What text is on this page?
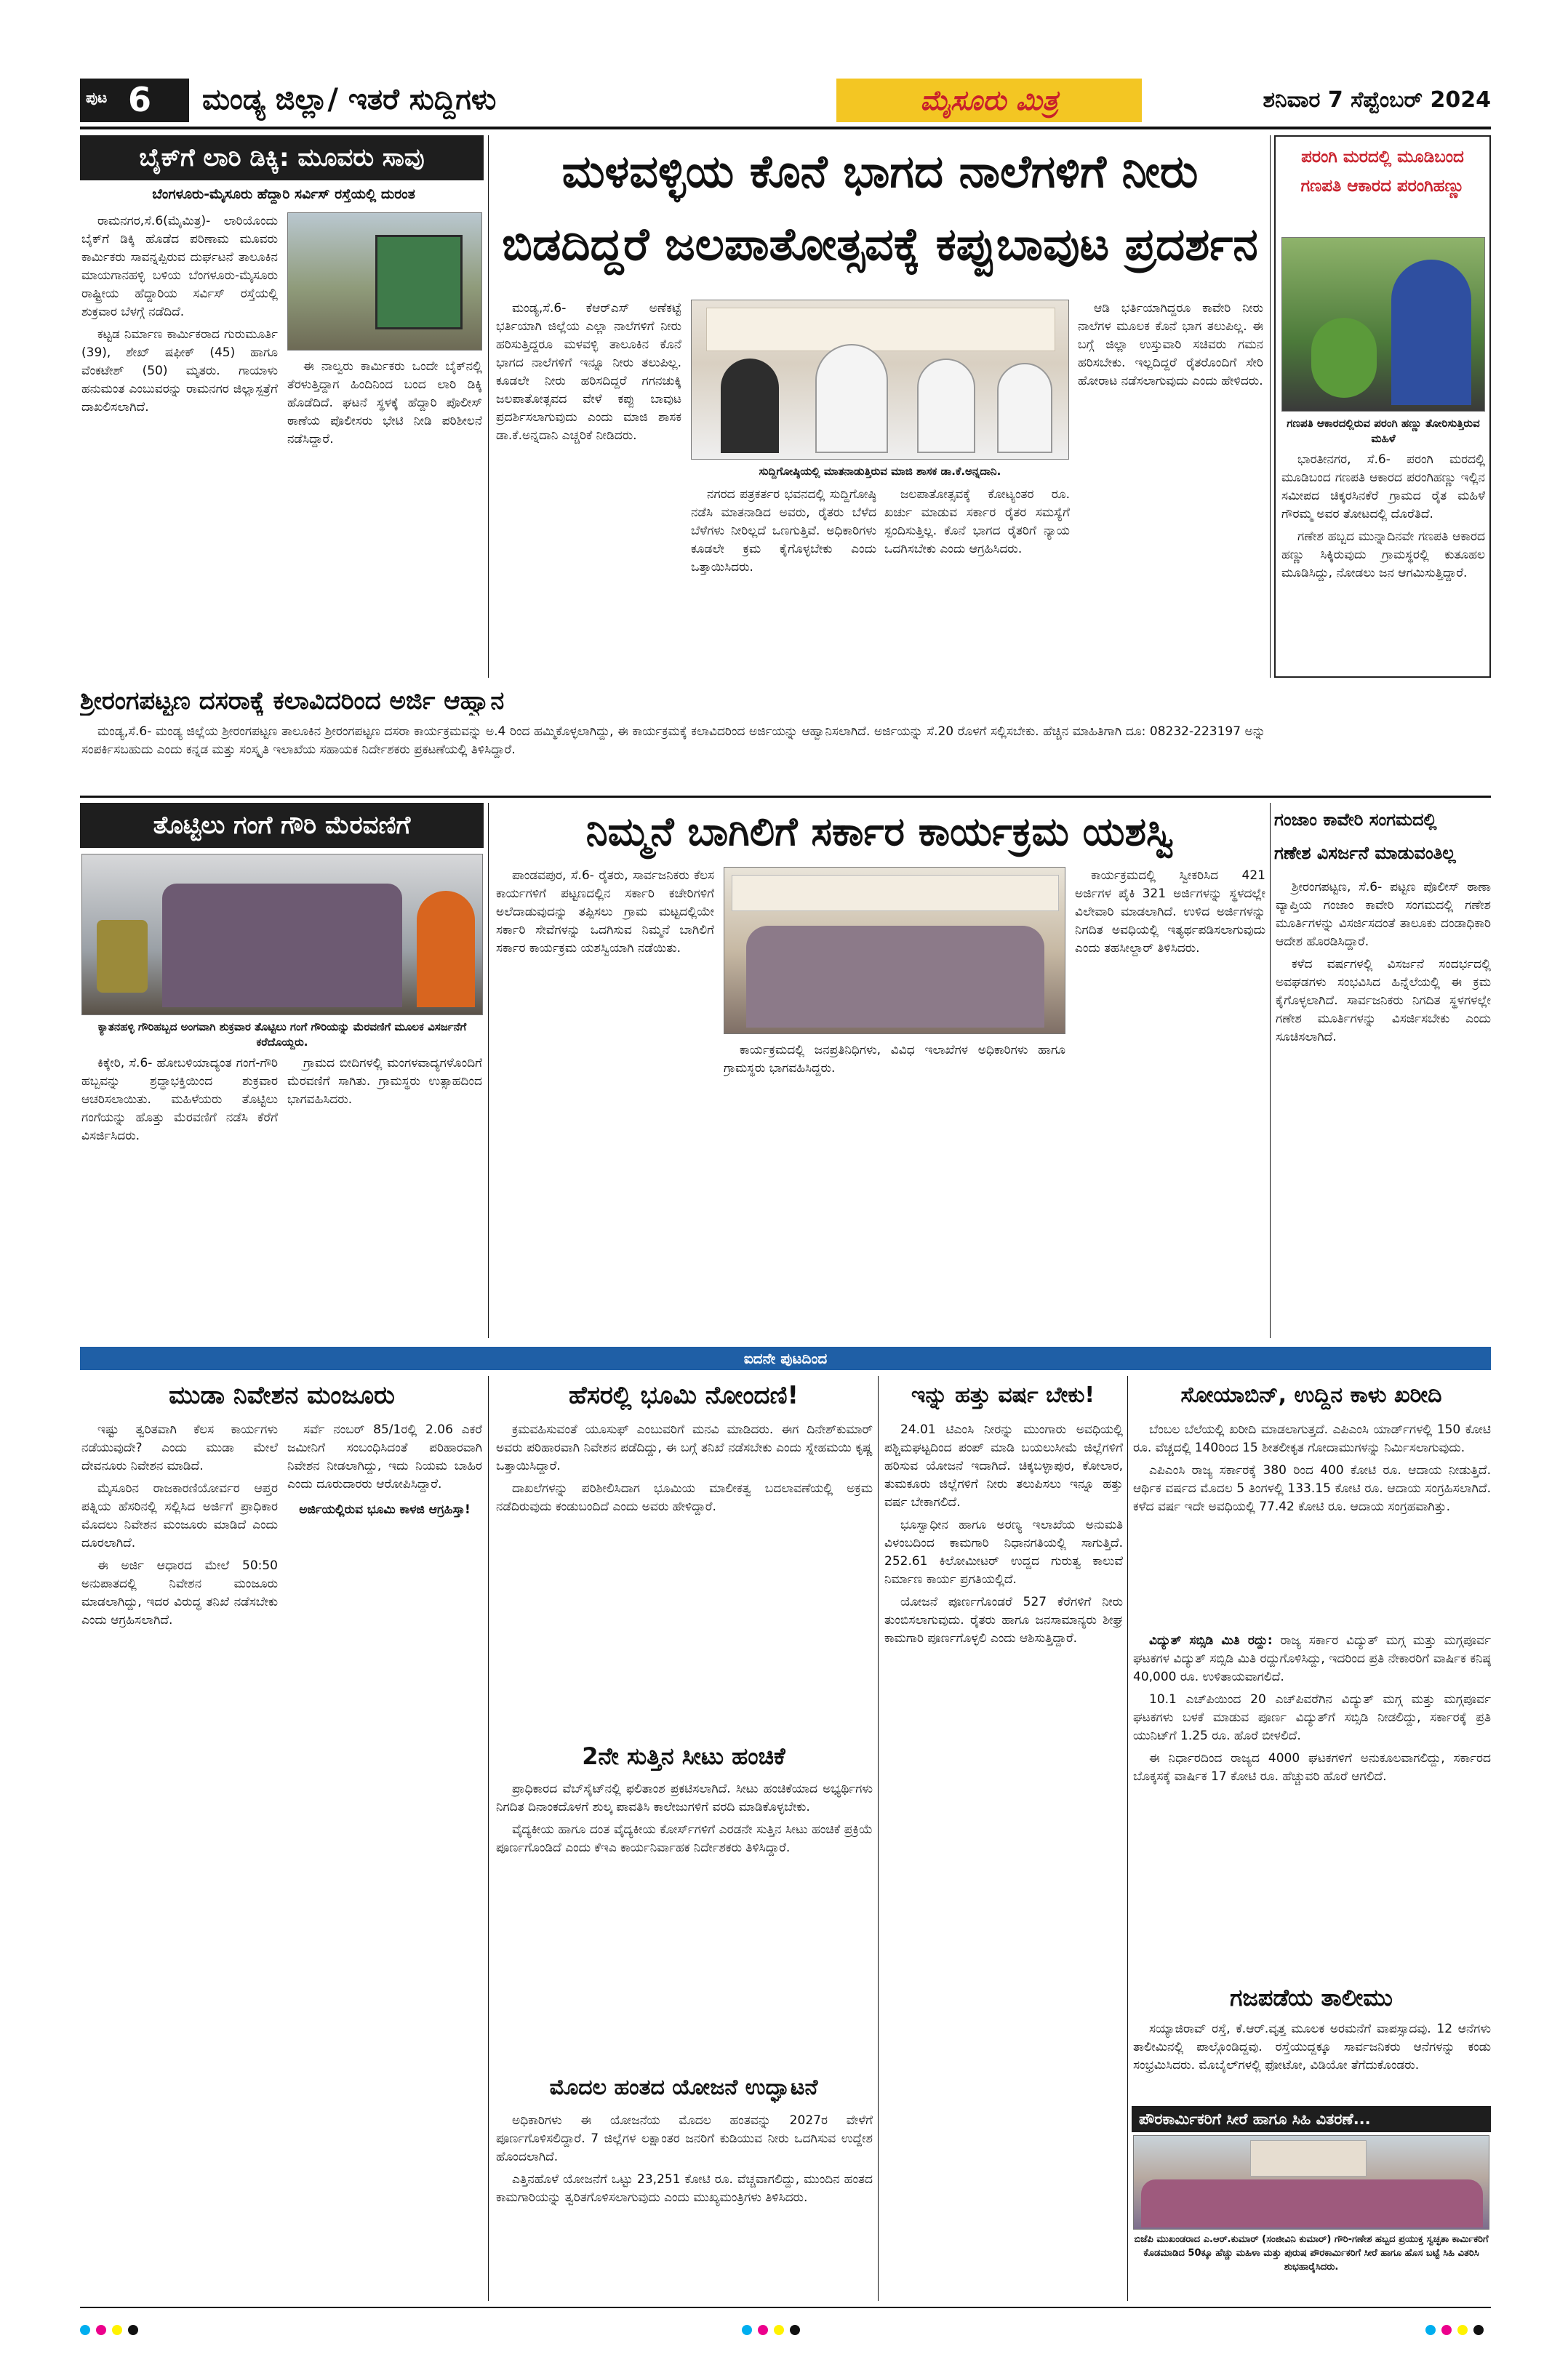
ಪುಟ 6 ಮಂಡ್ಯ ಜಿಲ್ಲಾ/ ಇತರೆ ಸುದ್ದಿಗಳು	ಮೈಸೂರು ಮಿತ್ರ	ಶನಿವಾರ 7 ಸೆಪ್ಟೆಂಬರ್ 2024
ಬೈಕ್‌ಗೆ ಲಾರಿ ಡಿಕ್ಕಿ: ಮೂವರು ಸಾವು
ಬೆಂಗಳೂರು-ಮೈಸೂರು ಹೆದ್ದಾರಿ ಸರ್ವಿಸ್ ರಸ್ತೆಯಲ್ಲಿ ದುರಂತ

ರಾಮನಗರ,ಸೆ.6(ಮೈಮಿತ್ರ)- ಲಾರಿಯೊಂದು ಬೈಕ್‌ಗೆ ಡಿಕ್ಕಿ ಹೊಡೆದ ಪರಿಣಾಮ ಮೂವರು ಕಾರ್ಮಿಕರು ಸಾವನ್ನಪ್ಪಿರುವ ದುರ್ಘಟನೆ ತಾಲೂಕಿನ ಮಾಯಗಾನಹಳ್ಳಿ ಬಳಿಯ ಬೆಂಗಳೂರು-ಮೈಸೂರು ರಾಷ್ಟ್ರೀಯ ಹೆದ್ದಾರಿಯ ಸರ್ವಿಸ್ ರಸ್ತೆಯಲ್ಲಿ ಶುಕ್ರವಾರ ಬೆಳಗ್ಗೆ ನಡೆದಿದೆ.

ಕಟ್ಟಡ ನಿರ್ಮಾಣ ಕಾರ್ಮಿಕರಾದ ಗುರುಮೂರ್ತಿ (39), ಶೇಖ್ ಷಫೀಕ್ (45) ಹಾಗೂ ವೆಂಕಟೇಶ್ (50) ಮೃತರು. ಗಾಯಾಳು ಹನುಮಂತ ಎಂಬುವರನ್ನು ರಾಮನಗರ ಜಿಲ್ಲಾಸ್ಪತ್ರೆಗೆ ದಾಖಲಿಸಲಾಗಿದೆ.

ಈ ನಾಲ್ವರು ಕಾರ್ಮಿಕರು ಒಂದೇ ಬೈಕ್‌ನಲ್ಲಿ ತೆರಳುತ್ತಿದ್ದಾಗ ಹಿಂದಿನಿಂದ ಬಂದ ಲಾರಿ ಡಿಕ್ಕಿ ಹೊಡೆದಿದೆ. ಘಟನೆ ಸ್ಥಳಕ್ಕೆ ಹೆದ್ದಾರಿ ಪೊಲೀಸ್ ಠಾಣೆಯ ಪೊಲೀಸರು ಭೇಟಿ ನೀಡಿ ಪರಿಶೀಲನೆ ನಡೆಸಿದ್ದಾರೆ.

ಮಳವಳ್ಳಿಯ ಕೊನೆ ಭಾಗದ ನಾಲೆಗಳಿಗೆ ನೀರು
ಬಿಡದಿದ್ದರೆ ಜಲಪಾತೋತ್ಸವಕ್ಕೆ ಕಪ್ಪುಬಾವುಟ ಪ್ರದರ್ಶನ

ಮಂಡ್ಯ,ಸೆ.6- ಕೆಆರ್‌ಎಸ್ ಅಣೆಕಟ್ಟೆ ಭರ್ತಿಯಾಗಿ ಜಿಲ್ಲೆಯ ಎಲ್ಲಾ ನಾಲೆಗಳಿಗೆ ನೀರು ಹರಿಸುತ್ತಿದ್ದರೂ ಮಳವಳ್ಳಿ ತಾಲೂಕಿನ ಕೊನೆ ಭಾಗದ ನಾಲೆಗಳಿಗೆ ಇನ್ನೂ ನೀರು ತಲುಪಿಲ್ಲ. ಕೂಡಲೇ ನೀರು ಹರಿಸದಿದ್ದರೆ ಗಗನಚುಕ್ಕಿ ಜಲಪಾತೋತ್ಸವದ ವೇಳೆ ಕಪ್ಪು ಬಾವುಟ ಪ್ರದರ್ಶಿಸಲಾಗುವುದು ಎಂದು ಮಾಜಿ ಶಾಸಕ ಡಾ.ಕೆ.ಅನ್ನದಾನಿ ಎಚ್ಚರಿಕೆ ನೀಡಿದರು.

ಸುದ್ದಿಗೋಷ್ಠಿಯಲ್ಲಿ ಮಾತನಾಡುತ್ತಿರುವ ಮಾಜಿ ಶಾಸಕ ಡಾ.ಕೆ.ಅನ್ನದಾನಿ.

ನಗರದ ಪತ್ರಕರ್ತರ ಭವನದಲ್ಲಿ ಸುದ್ದಿಗೋಷ್ಠಿ ನಡೆಸಿ ಮಾತನಾಡಿದ ಅವರು, ರೈತರು ಬೆಳೆದ ಬೆಳೆಗಳು ನೀರಿಲ್ಲದೆ ಒಣಗುತ್ತಿವೆ. ಅಧಿಕಾರಿಗಳು ಕೂಡಲೇ ಕ್ರಮ ಕೈಗೊಳ್ಳಬೇಕು ಎಂದು ಒತ್ತಾಯಿಸಿದರು.

ಜಲಪಾತೋತ್ಸವಕ್ಕೆ ಕೋಟ್ಯಂತರ ರೂ. ಖರ್ಚು ಮಾಡುವ ಸರ್ಕಾರ ರೈತರ ಸಮಸ್ಯೆಗೆ ಸ್ಪಂದಿಸುತ್ತಿಲ್ಲ. ಕೊನೆ ಭಾಗದ ರೈತರಿಗೆ ನ್ಯಾಯ ಒದಗಿಸಬೇಕು ಎಂದು ಆಗ್ರಹಿಸಿದರು.

ಆಡಿ ಭರ್ತಿಯಾಗಿದ್ದರೂ ಕಾವೇರಿ ನೀರು ನಾಲೆಗಳ ಮೂಲಕ ಕೊನೆ ಭಾಗ ತಲುಪಿಲ್ಲ. ಈ ಬಗ್ಗೆ ಜಿಲ್ಲಾ ಉಸ್ತುವಾರಿ ಸಚಿವರು ಗಮನ ಹರಿಸಬೇಕು. ಇಲ್ಲದಿದ್ದರೆ ರೈತರೊಂದಿಗೆ ಸೇರಿ ಹೋರಾಟ ನಡೆಸಲಾಗುವುದು ಎಂದು ಹೇಳಿದರು.

ಪರಂಗಿ ಮರದಲ್ಲಿ ಮೂಡಿಬಂದ ಗಣಪತಿ ಆಕಾರದ ಪರಂಗಿಹಣ್ಣು
ಗಣಪತಿ ಆಕಾರದಲ್ಲಿರುವ ಪರಂಗಿ ಹಣ್ಣು ತೋರಿಸುತ್ತಿರುವ ಮಹಿಳೆ

ಭಾರತೀನಗರ, ಸೆ.6- ಪರಂಗಿ ಮರದಲ್ಲಿ ಮೂಡಿಬಂದ ಗಣಪತಿ ಆಕಾರದ ಪರಂಗಿಹಣ್ಣು ಇಲ್ಲಿನ ಸಮೀಪದ ಚಿಕ್ಕರಸಿನಕೆರೆ ಗ್ರಾಮದ ರೈತ ಮಹಿಳೆ ಗೌರಮ್ಮ ಅವರ ತೋಟದಲ್ಲಿ ದೊರೆತಿದೆ.

ಗಣೇಶ ಹಬ್ಬದ ಮುನ್ನಾದಿನವೇ ಗಣಪತಿ ಆಕಾರದ ಹಣ್ಣು ಸಿಕ್ಕಿರುವುದು ಗ್ರಾಮಸ್ಥರಲ್ಲಿ ಕುತೂಹಲ ಮೂಡಿಸಿದ್ದು, ನೋಡಲು ಜನ ಆಗಮಿಸುತ್ತಿದ್ದಾರೆ.

ಶ್ರೀರಂಗಪಟ್ಟಣ ದಸರಾಕ್ಕೆ ಕಲಾವಿದರಿಂದ ಅರ್ಜಿ ಆಹ್ವಾನ

ಮಂಡ್ಯ,ಸೆ.6- ಮಂಡ್ಯ ಜಿಲ್ಲೆಯ ಶ್ರೀರಂಗಪಟ್ಟಣ ತಾಲೂಕಿನ ಶ್ರೀರಂಗಪಟ್ಟಣ ದಸರಾ ಕಾರ್ಯಕ್ರಮವನ್ನು ಅ.4 ರಿಂದ ಹಮ್ಮಿಕೊಳ್ಳಲಾಗಿದ್ದು, ಈ ಕಾರ್ಯಕ್ರಮಕ್ಕೆ ಕಲಾವಿದರಿಂದ ಅರ್ಜಿಯನ್ನು ಆಹ್ವಾನಿಸಲಾಗಿದೆ. ಅರ್ಜಿಯನ್ನು ಸೆ.20 ರೊಳಗೆ ಸಲ್ಲಿಸಬೇಕು. ಹೆಚ್ಚಿನ ಮಾಹಿತಿಗಾಗಿ ದೂ: 08232-223197 ಅನ್ನು ಸಂಪರ್ಕಿಸಬಹುದು ಎಂದು ಕನ್ನಡ ಮತ್ತು ಸಂಸ್ಕೃತಿ ಇಲಾಖೆಯ ಸಹಾಯಕ ನಿರ್ದೇಶಕರು ಪ್ರಕಟಣೆಯಲ್ಲಿ ತಿಳಿಸಿದ್ದಾರೆ.

ತೊಟ್ಟಿಲು ಗಂಗೆ ಗೌರಿ ಮೆರವಣಿಗೆ
ಕ್ಯಾತನಹಳ್ಳಿ ಗೌರಿಹಬ್ಬದ ಅಂಗವಾಗಿ ಶುಕ್ರವಾರ ತೊಟ್ಟಿಲು ಗಂಗೆ ಗೌರಿಯನ್ನು ಮೆರವಣಿಗೆ ಮೂಲಕ ವಿಸರ್ಜನೆಗೆ ಕರೆದೊಯ್ದರು.

ಕಿಕ್ಕೇರಿ, ಸೆ.6- ಹೋಬಳಿಯಾದ್ಯಂತ ಗಂಗೆ-ಗೌರಿ ಹಬ್ಬವನ್ನು ಶ್ರದ್ಧಾಭಕ್ತಿಯಿಂದ ಶುಕ್ರವಾರ ಆಚರಿಸಲಾಯಿತು. ಮಹಿಳೆಯರು ತೊಟ್ಟಿಲು ಗಂಗೆಯನ್ನು ಹೊತ್ತು ಮೆರವಣಿಗೆ ನಡೆಸಿ ಕೆರೆಗೆ ವಿಸರ್ಜಿಸಿದರು.

ಗ್ರಾಮದ ಬೀದಿಗಳಲ್ಲಿ ಮಂಗಳವಾದ್ಯಗಳೊಂದಿಗೆ ಮೆರವಣಿಗೆ ಸಾಗಿತು. ಗ್ರಾಮಸ್ಥರು ಉತ್ಸಾಹದಿಂದ ಭಾಗವಹಿಸಿದರು.

ನಿಮ್ಮನೆ ಬಾಗಿಲಿಗೆ ಸರ್ಕಾರ ಕಾರ್ಯಕ್ರಮ ಯಶಸ್ವಿ

ಪಾಂಡವಪುರ, ಸೆ.6- ರೈತರು, ಸಾರ್ವಜನಿಕರು ಕೆಲಸ ಕಾರ್ಯಗಳಿಗೆ ಪಟ್ಟಣದಲ್ಲಿನ ಸರ್ಕಾರಿ ಕಚೇರಿಗಳಿಗೆ ಅಲೆದಾಡುವುದನ್ನು ತಪ್ಪಿಸಲು ಗ್ರಾಮ ಮಟ್ಟದಲ್ಲಿಯೇ ಸರ್ಕಾರಿ ಸೇವೆಗಳನ್ನು ಒದಗಿಸುವ ನಿಮ್ಮನೆ ಬಾಗಿಲಿಗೆ ಸರ್ಕಾರ ಕಾರ್ಯಕ್ರಮ ಯಶಸ್ವಿಯಾಗಿ ನಡೆಯಿತು.

ಕಾರ್ಯಕ್ರಮದಲ್ಲಿ ಜನಪ್ರತಿನಿಧಿಗಳು, ವಿವಿಧ ಇಲಾಖೆಗಳ ಅಧಿಕಾರಿಗಳು ಹಾಗೂ ಗ್ರಾಮಸ್ಥರು ಭಾಗವಹಿಸಿದ್ದರು.

ಕಾರ್ಯಕ್ರಮದಲ್ಲಿ ಸ್ವೀಕರಿಸಿದ 421 ಅರ್ಜಿಗಳ ಪೈಕಿ 321 ಅರ್ಜಿಗಳನ್ನು ಸ್ಥಳದಲ್ಲೇ ವಿಲೇವಾರಿ ಮಾಡಲಾಗಿದೆ. ಉಳಿದ ಅರ್ಜಿಗಳನ್ನು ನಿಗದಿತ ಅವಧಿಯಲ್ಲಿ ಇತ್ಯರ್ಥಪಡಿಸಲಾಗುವುದು ಎಂದು ತಹಸೀಲ್ದಾರ್ ತಿಳಿಸಿದರು.

ಗಂಜಾಂ ಕಾವೇರಿ ಸಂಗಮದಲ್ಲಿ
ಗಣೇಶ ವಿಸರ್ಜನೆ ಮಾಡುವಂತಿಲ್ಲ

ಶ್ರೀರಂಗಪಟ್ಟಣ, ಸೆ.6- ಪಟ್ಟಣ ಪೊಲೀಸ್ ಠಾಣಾ ವ್ಯಾಪ್ತಿಯ ಗಂಜಾಂ ಕಾವೇರಿ ಸಂಗಮದಲ್ಲಿ ಗಣೇಶ ಮೂರ್ತಿಗಳನ್ನು ವಿಸರ್ಜಿಸದಂತೆ ತಾಲೂಕು ದಂಡಾಧಿಕಾರಿ ಆದೇಶ ಹೊರಡಿಸಿದ್ದಾರೆ.

ಕಳೆದ ವರ್ಷಗಳಲ್ಲಿ ವಿಸರ್ಜನೆ ಸಂದರ್ಭದಲ್ಲಿ ಅವಘಡಗಳು ಸಂಭವಿಸಿದ ಹಿನ್ನೆಲೆಯಲ್ಲಿ ಈ ಕ್ರಮ ಕೈಗೊಳ್ಳಲಾಗಿದೆ. ಸಾರ್ವಜನಿಕರು ನಿಗದಿತ ಸ್ಥಳಗಳಲ್ಲೇ ಗಣೇಶ ಮೂರ್ತಿಗಳನ್ನು ವಿಸರ್ಜಿಸಬೇಕು ಎಂದು ಸೂಚಿಸಲಾಗಿದೆ.

ಐದನೇ ಪುಟದಿಂದ
ಮುಡಾ ನಿವೇಶನ ಮಂಜೂರು

ಇಷ್ಟು ತ್ವರಿತವಾಗಿ ಕೆಲಸ ಕಾರ್ಯಗಳು ನಡೆಯುವುದೇ? ಎಂದು ಮುಡಾ ಮೇಲೆ ದೇವನೂರು ನಿವೇಶನ ಮಾಡಿದೆ.

ಮೈಸೂರಿನ ರಾಜಕಾರಣಿಯೋರ್ವರ ಆಪ್ತರ ಪತ್ನಿಯ ಹೆಸರಿನಲ್ಲಿ ಸಲ್ಲಿಸಿದ ಅರ್ಜಿಗೆ ಪ್ರಾಧಿಕಾರ ಮೊದಲು ನಿವೇಶನ ಮಂಜೂರು ಮಾಡಿದೆ ಎಂದು ದೂರಲಾಗಿದೆ.

ಈ ಅರ್ಜಿ ಆಧಾರದ ಮೇಲೆ 50:50 ಅನುಪಾತದಲ್ಲಿ ನಿವೇಶನ ಮಂಜೂರು ಮಾಡಲಾಗಿದ್ದು, ಇದರ ವಿರುದ್ಧ ತನಿಖೆ ನಡೆಸಬೇಕು ಎಂದು ಆಗ್ರಹಿಸಲಾಗಿದೆ.

ಸರ್ವೆ ನಂಬರ್ 85/1ರಲ್ಲಿ 2.06 ಎಕರೆ ಜಮೀನಿಗೆ ಸಂಬಂಧಿಸಿದಂತೆ ಪರಿಹಾರವಾಗಿ ನಿವೇಶನ ನೀಡಲಾಗಿದ್ದು, ಇದು ನಿಯಮ ಬಾಹಿರ ಎಂದು ದೂರುದಾರರು ಆರೋಪಿಸಿದ್ದಾರೆ.

ಅರ್ಜಿಯಲ್ಲಿರುವ ಭೂಮಿ ಕಾಳಜಿ ಆಗ್ರಹಿಸ್ತಾ!
ಹೆಸರಲ್ಲಿ ಭೂಮಿ ನೋಂದಣಿ!

ಕ್ರಮವಹಿಸುವಂತೆ ಯೂಸುಫ್ ಎಂಬುವರಿಗೆ ಮನವಿ ಮಾಡಿದರು. ಈಗ ದಿನೇಶ್‌ಕುಮಾರ್ ಅವರು ಪರಿಹಾರವಾಗಿ ನಿವೇಶನ ಪಡೆದಿದ್ದು, ಈ ಬಗ್ಗೆ ತನಿಖೆ ನಡೆಸಬೇಕು ಎಂದು ಸ್ನೇಹಮಯಿ ಕೃಷ್ಣ ಒತ್ತಾಯಿಸಿದ್ದಾರೆ.

ದಾಖಲೆಗಳನ್ನು ಪರಿಶೀಲಿಸಿದಾಗ ಭೂಮಿಯ ಮಾಲೀಕತ್ವ ಬದಲಾವಣೆಯಲ್ಲಿ ಅಕ್ರಮ ನಡೆದಿರುವುದು ಕಂಡುಬಂದಿದೆ ಎಂದು ಅವರು ಹೇಳಿದ್ದಾರೆ.

2ನೇ ಸುತ್ತಿನ ಸೀಟು ಹಂಚಿಕೆ

ಪ್ರಾಧಿಕಾರದ ವೆಬ್‌ಸೈಟ್‌ನಲ್ಲಿ ಫಲಿತಾಂಶ ಪ್ರಕಟಿಸಲಾಗಿದೆ. ಸೀಟು ಹಂಚಿಕೆಯಾದ ಅಭ್ಯರ್ಥಿಗಳು ನಿಗದಿತ ದಿನಾಂಕದೊಳಗೆ ಶುಲ್ಕ ಪಾವತಿಸಿ ಕಾಲೇಜುಗಳಿಗೆ ವರದಿ ಮಾಡಿಕೊಳ್ಳಬೇಕು.

ವೈದ್ಯಕೀಯ ಹಾಗೂ ದಂತ ವೈದ್ಯಕೀಯ ಕೋರ್ಸ್‌ಗಳಿಗೆ ಎರಡನೇ ಸುತ್ತಿನ ಸೀಟು ಹಂಚಿಕೆ ಪ್ರಕ್ರಿಯೆ ಪೂರ್ಣಗೊಂಡಿದೆ ಎಂದು ಕೆಇಎ ಕಾರ್ಯನಿರ್ವಾಹಕ ನಿರ್ದೇಶಕರು ತಿಳಿಸಿದ್ದಾರೆ.

ಮೊದಲ ಹಂತದ ಯೋಜನೆ ಉದ್ಘಾಟನೆ

ಅಧಿಕಾರಿಗಳು ಈ ಯೋಜನೆಯ ಮೊದಲ ಹಂತವನ್ನು 2027ರ ವೇಳೆಗೆ ಪೂರ್ಣಗೊಳಿಸಲಿದ್ದಾರೆ. 7 ಜಿಲ್ಲೆಗಳ ಲಕ್ಷಾಂತರ ಜನರಿಗೆ ಕುಡಿಯುವ ನೀರು ಒದಗಿಸುವ ಉದ್ದೇಶ ಹೊಂದಲಾಗಿದೆ.

ಎತ್ತಿನಹೊಳೆ ಯೋಜನೆಗೆ ಒಟ್ಟು 23,251 ಕೋಟಿ ರೂ. ವೆಚ್ಚವಾಗಲಿದ್ದು, ಮುಂದಿನ ಹಂತದ ಕಾಮಗಾರಿಯನ್ನು ತ್ವರಿತಗೊಳಿಸಲಾಗುವುದು ಎಂದು ಮುಖ್ಯಮಂತ್ರಿಗಳು ತಿಳಿಸಿದರು.

ಇನ್ನು ಹತ್ತು ವರ್ಷ ಬೇಕು!

24.01 ಟಿಎಂಸಿ ನೀರನ್ನು ಮುಂಗಾರು ಅವಧಿಯಲ್ಲಿ ಪಶ್ಚಿಮಘಟ್ಟದಿಂದ ಪಂಪ್ ಮಾಡಿ ಬಯಲುಸೀಮೆ ಜಿಲ್ಲೆಗಳಿಗೆ ಹರಿಸುವ ಯೋಜನೆ ಇದಾಗಿದೆ. ಚಿಕ್ಕಬಳ್ಳಾಪುರ, ಕೋಲಾರ, ತುಮಕೂರು ಜಿಲ್ಲೆಗಳಿಗೆ ನೀರು ತಲುಪಿಸಲು ಇನ್ನೂ ಹತ್ತು ವರ್ಷ ಬೇಕಾಗಲಿದೆ.

ಭೂಸ್ವಾಧೀನ ಹಾಗೂ ಅರಣ್ಯ ಇಲಾಖೆಯ ಅನುಮತಿ ವಿಳಂಬದಿಂದ ಕಾಮಗಾರಿ ನಿಧಾನಗತಿಯಲ್ಲಿ ಸಾಗುತ್ತಿದೆ. 252.61 ಕಿಲೋಮೀಟರ್ ಉದ್ದದ ಗುರುತ್ವ ಕಾಲುವೆ ನಿರ್ಮಾಣ ಕಾರ್ಯ ಪ್ರಗತಿಯಲ್ಲಿದೆ.

ಯೋಜನೆ ಪೂರ್ಣಗೊಂಡರೆ 527 ಕೆರೆಗಳಿಗೆ ನೀರು ತುಂಬಿಸಲಾಗುವುದು. ರೈತರು ಹಾಗೂ ಜನಸಾಮಾನ್ಯರು ಶೀಘ್ರ ಕಾಮಗಾರಿ ಪೂರ್ಣಗೊಳ್ಳಲಿ ಎಂದು ಆಶಿಸುತ್ತಿದ್ದಾರೆ.

ಸೋಯಾಬಿನ್, ಉದ್ದಿನ ಕಾಳು ಖರೀದಿ

ಬೆಂಬಲ ಬೆಲೆಯಲ್ಲಿ ಖರೀದಿ ಮಾಡಲಾಗುತ್ತದೆ. ಎಪಿಎಂಸಿ ಯಾರ್ಡ್‌ಗಳಲ್ಲಿ 150 ಕೋಟಿ ರೂ. ವೆಚ್ಚದಲ್ಲಿ 140ರಿಂದ 15 ಶೀತಲೀಕೃತ ಗೋದಾಮುಗಳನ್ನು ನಿರ್ಮಿಸಲಾಗುವುದು.

ಎಪಿಎಂಸಿ ರಾಜ್ಯ ಸರ್ಕಾರಕ್ಕೆ 380 ರಿಂದ 400 ಕೋಟಿ ರೂ. ಆದಾಯ ನೀಡುತ್ತಿದೆ. ಆರ್ಥಿಕ ವರ್ಷದ ಮೊದಲ 5 ತಿಂಗಳಲ್ಲಿ 133.15 ಕೋಟಿ ರೂ. ಆದಾಯ ಸಂಗ್ರಹಿಸಲಾಗಿದೆ. ಕಳೆದ ವರ್ಷ ಇದೇ ಅವಧಿಯಲ್ಲಿ 77.42 ಕೋಟಿ ರೂ. ಆದಾಯ ಸಂಗ್ರಹವಾಗಿತ್ತು.

ವಿದ್ಯುತ್ ಸಬ್ಸಿಡಿ ಮಿತಿ ರದ್ದು: ರಾಜ್ಯ ಸರ್ಕಾರ ವಿದ್ಯುತ್ ಮಗ್ಗ ಮತ್ತು ಮಗ್ಗಪೂರ್ವ ಘಟಕಗಳ ವಿದ್ಯುತ್ ಸಬ್ಸಿಡಿ ಮಿತಿ ರದ್ದುಗೊಳಿಸಿದ್ದು, ಇದರಿಂದ ಪ್ರತಿ ನೇಕಾರರಿಗೆ ವಾರ್ಷಿಕ ಕನಿಷ್ಠ 40,000 ರೂ. ಉಳಿತಾಯವಾಗಲಿದೆ.

10.1 ಎಚ್‌ಪಿಯಿಂದ 20 ಎಚ್‌ಪಿವರೆಗಿನ ವಿದ್ಯುತ್ ಮಗ್ಗ ಮತ್ತು ಮಗ್ಗಪೂರ್ವ ಘಟಕಗಳು ಬಳಕೆ ಮಾಡುವ ಪೂರ್ಣ ವಿದ್ಯುತ್‌ಗೆ ಸಬ್ಸಿಡಿ ನೀಡಲಿದ್ದು, ಸರ್ಕಾರಕ್ಕೆ ಪ್ರತಿ ಯುನಿಟ್‌ಗೆ 1.25 ರೂ. ಹೊರೆ ಬೀಳಲಿದೆ.

ಈ ನಿರ್ಧಾರದಿಂದ ರಾಜ್ಯದ 4000 ಘಟಕಗಳಿಗೆ ಅನುಕೂಲವಾಗಲಿದ್ದು, ಸರ್ಕಾರದ ಬೊಕ್ಕಸಕ್ಕೆ ವಾರ್ಷಿಕ 17 ಕೋಟಿ ರೂ. ಹೆಚ್ಚುವರಿ ಹೊರೆ ಆಗಲಿದೆ.

ಗಜಪಡೆಯ ತಾಲೀಮು

ಸಯ್ಯಾಜಿರಾವ್ ರಸ್ತೆ, ಕೆ.ಆರ್.ವೃತ್ತ ಮೂಲಕ ಅರಮನೆಗೆ ವಾಪಸ್ಸಾದವು. 12 ಆನೆಗಳು ತಾಲೀಮಿನಲ್ಲಿ ಪಾಲ್ಗೊಂಡಿದ್ದವು. ರಸ್ತೆಯುದ್ದಕ್ಕೂ ಸಾರ್ವಜನಿಕರು ಆನೆಗಳನ್ನು ಕಂಡು ಸಂಭ್ರಮಿಸಿದರು. ಮೊಬೈಲ್‌ಗಳಲ್ಲಿ ಫೋಟೋ, ವಿಡಿಯೋ ತೆಗೆದುಕೊಂಡರು.

ಪೌರಕಾರ್ಮಿಕರಿಗೆ ಸೀರೆ ಹಾಗೂ ಸಿಹಿ ವಿತರಣೆ...
ಬಿಜೆಪಿ ಮುಖಂಡರಾದ ಎ.ಆರ್.ಕುಮಾರ್ (ಸಂಜೀವಿನಿ ಕುಮಾರ್) ಗೌರಿ-ಗಣೇಶ ಹಬ್ಬದ ಪ್ರಯುಕ್ತ ಸ್ವಚ್ಛತಾ ಕಾರ್ಮಿಕರಿಗೆ ಕೊಡಮಾಡಿದ 50ಕ್ಕೂ ಹೆಚ್ಚು ಮಹಿಳಾ ಮತ್ತು ಪುರುಷ ಪೌರಕಾರ್ಮಿಕರಿಗೆ ಸೀರೆ ಹಾಗೂ ಹೊಸ ಬಟ್ಟೆ ಸಿಹಿ ವಿತರಿಸಿ ಶುಭಹಾರೈಸಿದರು.
